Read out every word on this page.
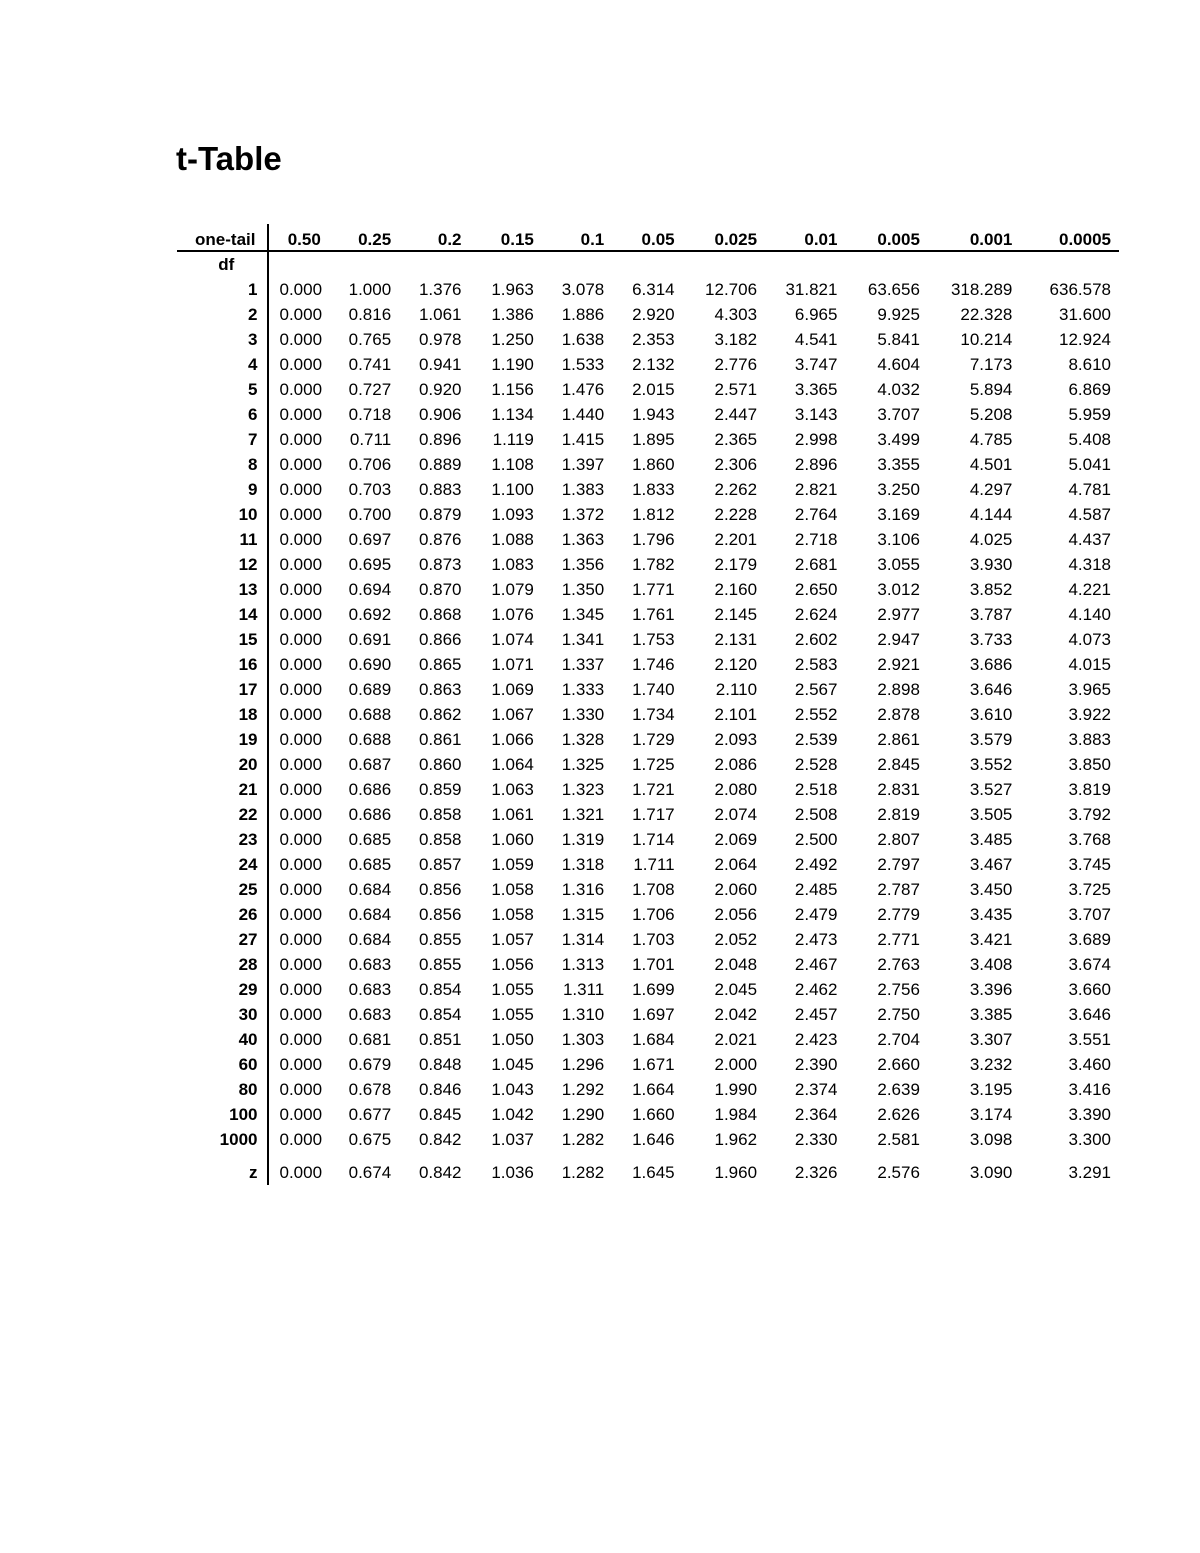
t-Table
one-tail	0.50	0.25	0.2	0.15	0.1	0.05	0.025	0.01	0.005	0.001	0.0005
df											
1	0.000	1.000	1.376	1.963	3.078	6.314	12.706	31.821	63.656	318.289	636.578
2	0.000	0.816	1.061	1.386	1.886	2.920	4.303	6.965	9.925	22.328	31.600
3	0.000	0.765	0.978	1.250	1.638	2.353	3.182	4.541	5.841	10.214	12.924
4	0.000	0.741	0.941	1.190	1.533	2.132	2.776	3.747	4.604	7.173	8.610
5	0.000	0.727	0.920	1.156	1.476	2.015	2.571	3.365	4.032	5.894	6.869
6	0.000	0.718	0.906	1.134	1.440	1.943	2.447	3.143	3.707	5.208	5.959
7	0.000	0.711	0.896	1.119	1.415	1.895	2.365	2.998	3.499	4.785	5.408
8	0.000	0.706	0.889	1.108	1.397	1.860	2.306	2.896	3.355	4.501	5.041
9	0.000	0.703	0.883	1.100	1.383	1.833	2.262	2.821	3.250	4.297	4.781
10	0.000	0.700	0.879	1.093	1.372	1.812	2.228	2.764	3.169	4.144	4.587
11	0.000	0.697	0.876	1.088	1.363	1.796	2.201	2.718	3.106	4.025	4.437
12	0.000	0.695	0.873	1.083	1.356	1.782	2.179	2.681	3.055	3.930	4.318
13	0.000	0.694	0.870	1.079	1.350	1.771	2.160	2.650	3.012	3.852	4.221
14	0.000	0.692	0.868	1.076	1.345	1.761	2.145	2.624	2.977	3.787	4.140
15	0.000	0.691	0.866	1.074	1.341	1.753	2.131	2.602	2.947	3.733	4.073
16	0.000	0.690	0.865	1.071	1.337	1.746	2.120	2.583	2.921	3.686	4.015
17	0.000	0.689	0.863	1.069	1.333	1.740	2.110	2.567	2.898	3.646	3.965
18	0.000	0.688	0.862	1.067	1.330	1.734	2.101	2.552	2.878	3.610	3.922
19	0.000	0.688	0.861	1.066	1.328	1.729	2.093	2.539	2.861	3.579	3.883
20	0.000	0.687	0.860	1.064	1.325	1.725	2.086	2.528	2.845	3.552	3.850
21	0.000	0.686	0.859	1.063	1.323	1.721	2.080	2.518	2.831	3.527	3.819
22	0.000	0.686	0.858	1.061	1.321	1.717	2.074	2.508	2.819	3.505	3.792
23	0.000	0.685	0.858	1.060	1.319	1.714	2.069	2.500	2.807	3.485	3.768
24	0.000	0.685	0.857	1.059	1.318	1.711	2.064	2.492	2.797	3.467	3.745
25	0.000	0.684	0.856	1.058	1.316	1.708	2.060	2.485	2.787	3.450	3.725
26	0.000	0.684	0.856	1.058	1.315	1.706	2.056	2.479	2.779	3.435	3.707
27	0.000	0.684	0.855	1.057	1.314	1.703	2.052	2.473	2.771	3.421	3.689
28	0.000	0.683	0.855	1.056	1.313	1.701	2.048	2.467	2.763	3.408	3.674
29	0.000	0.683	0.854	1.055	1.311	1.699	2.045	2.462	2.756	3.396	3.660
30	0.000	0.683	0.854	1.055	1.310	1.697	2.042	2.457	2.750	3.385	3.646
40	0.000	0.681	0.851	1.050	1.303	1.684	2.021	2.423	2.704	3.307	3.551
60	0.000	0.679	0.848	1.045	1.296	1.671	2.000	2.390	2.660	3.232	3.460
80	0.000	0.678	0.846	1.043	1.292	1.664	1.990	2.374	2.639	3.195	3.416
100	0.000	0.677	0.845	1.042	1.290	1.660	1.984	2.364	2.626	3.174	3.390
1000	0.000	0.675	0.842	1.037	1.282	1.646	1.962	2.330	2.581	3.098	3.300
z	0.000	0.674	0.842	1.036	1.282	1.645	1.960	2.326	2.576	3.090	3.291
